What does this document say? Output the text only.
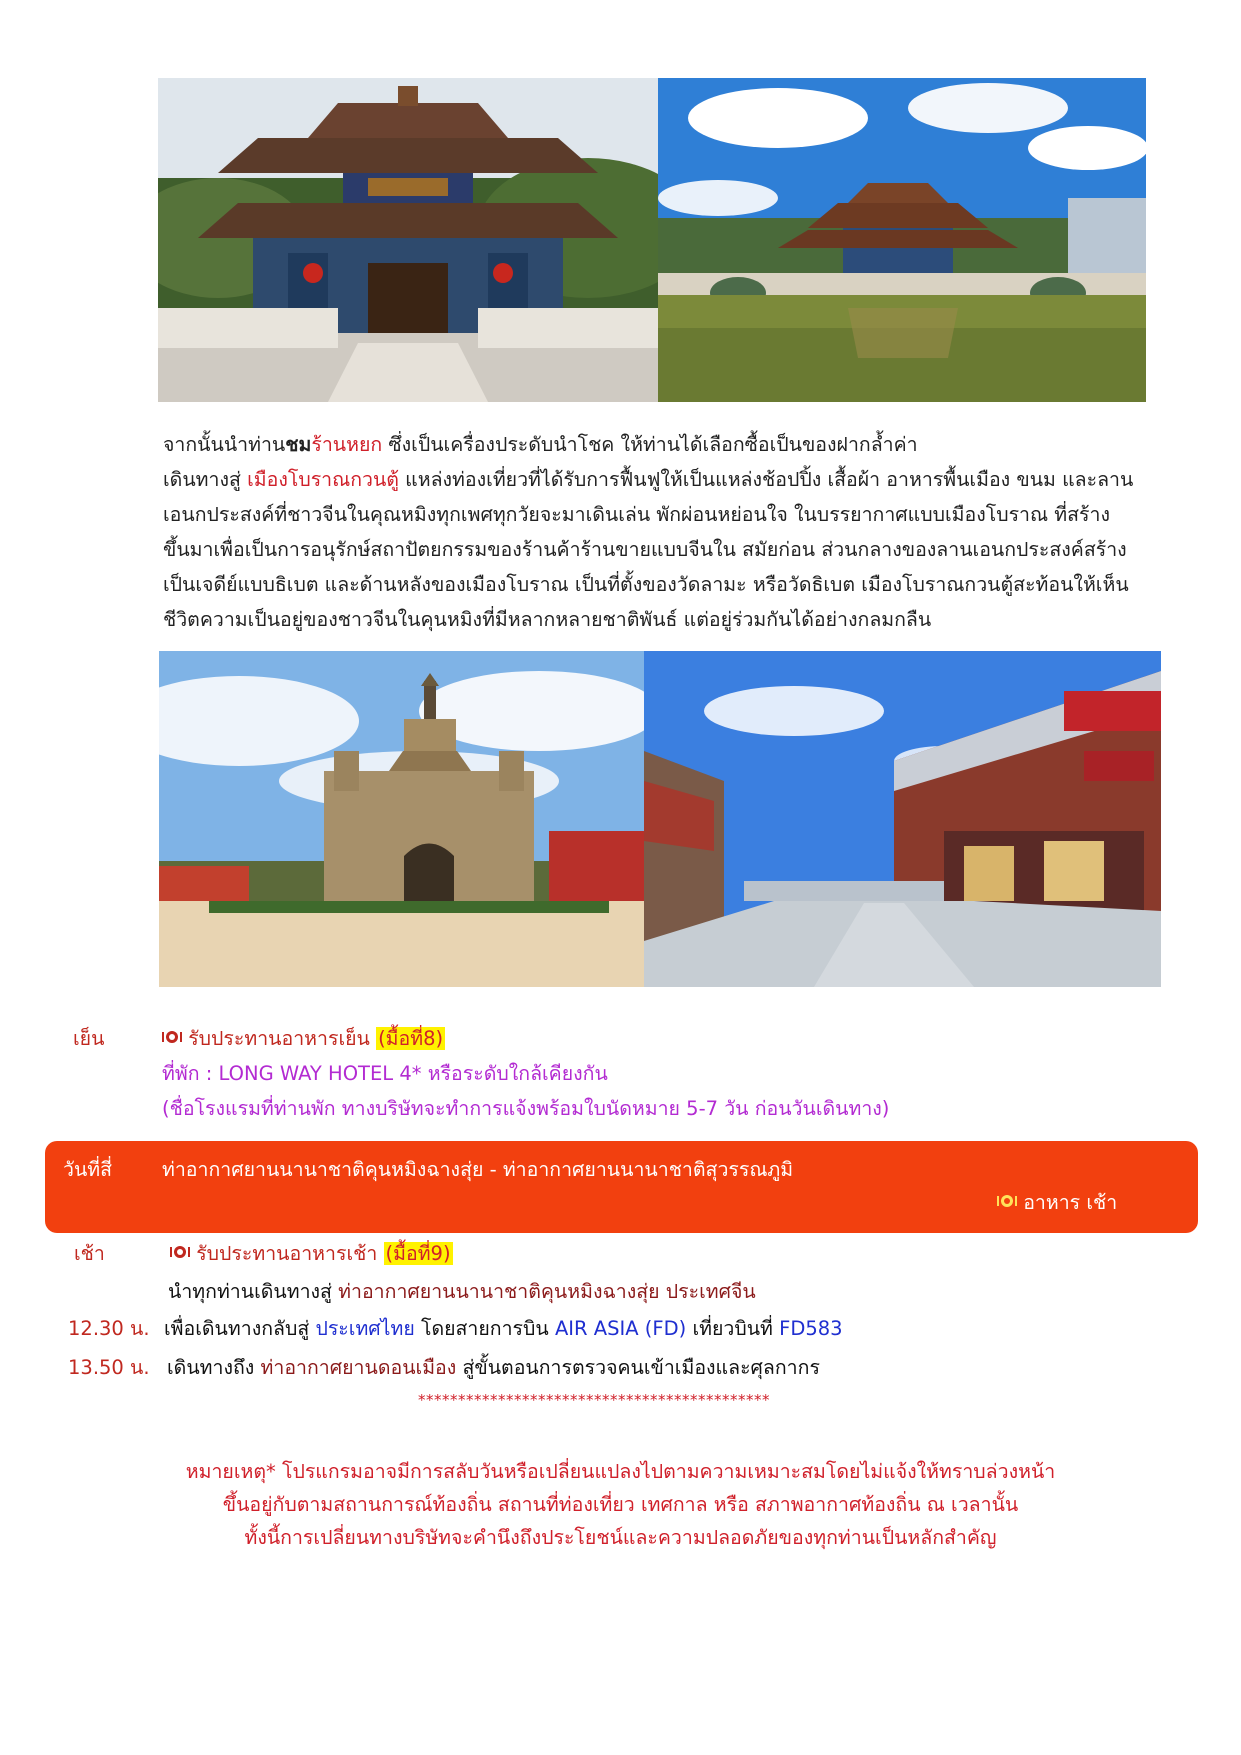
จากนั้นนำท่านชมร้านหยก ซึ่งเป็นเครื่องประดับนำโชค ให้ท่านได้เลือกซื้อเป็นของฝากล้ำค่า
เดินทางสู่ เมืองโบราณกวนตู้ แหล่งท่องเที่ยวที่ได้รับการฟื้นฟูให้เป็นแหล่งช้อปปิ้ง เสื้อผ้า อาหารพื้นเมือง ขนม และลาน
เอนกประสงค์ที่ชาวจีนในคุณหมิงทุกเพศทุกวัยจะมาเดินเล่น พักผ่อนหย่อนใจ ในบรรยากาศแบบเมืองโบราณ ที่สร้าง
ขึ้นมาเพื่อเป็นการอนุรักษ์สถาปัตยกรรมของร้านค้าร้านขายแบบจีนใน สมัยก่อน ส่วนกลางของลานเอนกประสงค์สร้าง
เป็นเจดีย์แบบธิเบต และด้านหลังของเมืองโบราณ เป็นที่ตั้งของวัดลามะ หรือวัดธิเบต เมืองโบราณกวนตู้สะท้อนให้เห็น
ชีวิตความเป็นอยู่ของชาวจีนในคุนหมิงที่มีหลากหลายชาติพันธ์ แต่อยู่ร่วมกันได้อย่างกลมกลืน
เย็น	รับประทานอาหารเย็น (มื้อที่8)
ที่พัก : LONG WAY HOTEL 4* หรือระดับใกล้เคียงกัน
(ชื่อโรงแรมที่ท่านพัก ทางบริษัทจะทำการแจ้งพร้อมใบนัดหมาย 5-7 วัน ก่อนวันเดินทาง)
วันที่สี่	ท่าอากาศยานนานาชาติคุนหมิงฉางสุ่ย - ท่าอากาศยานนานาชาติสุวรรณภูมิ
อาหาร เช้า
เช้า	รับประทานอาหารเช้า (มื้อที่9)
นำทุกท่านเดินทางสู่ ท่าอากาศยานนานาชาติคุนหมิงฉางสุ่ย ประเทศจีน
12.30 น. เพื่อเดินทางกลับสู่ ประเทศไทย โดยสายการบิน AIR ASIA (FD) เที่ยวบินที่ FD583
13.50 น. เดินทางถึง ท่าอากาศยานดอนเมือง สู่ขั้นตอนการตรวจคนเข้าเมืองและศุลกากร
********************************************
หมายเหตุ* โปรแกรมอาจมีการสลับวันหรือเปลี่ยนแปลงไปตามความเหมาะสมโดยไม่แจ้งให้ทราบล่วงหน้า
ขึ้นอยู่กับตามสถานการณ์ท้องถิ่น สถานที่ท่องเที่ยว เทศกาล หรือ สภาพอากาศท้องถิ่น ณ เวลานั้น
ทั้งนี้การเปลี่ยนทางบริษัทจะคำนึงถึงประโยชน์และความปลอดภัยของทุกท่านเป็นหลักสำคัญ
